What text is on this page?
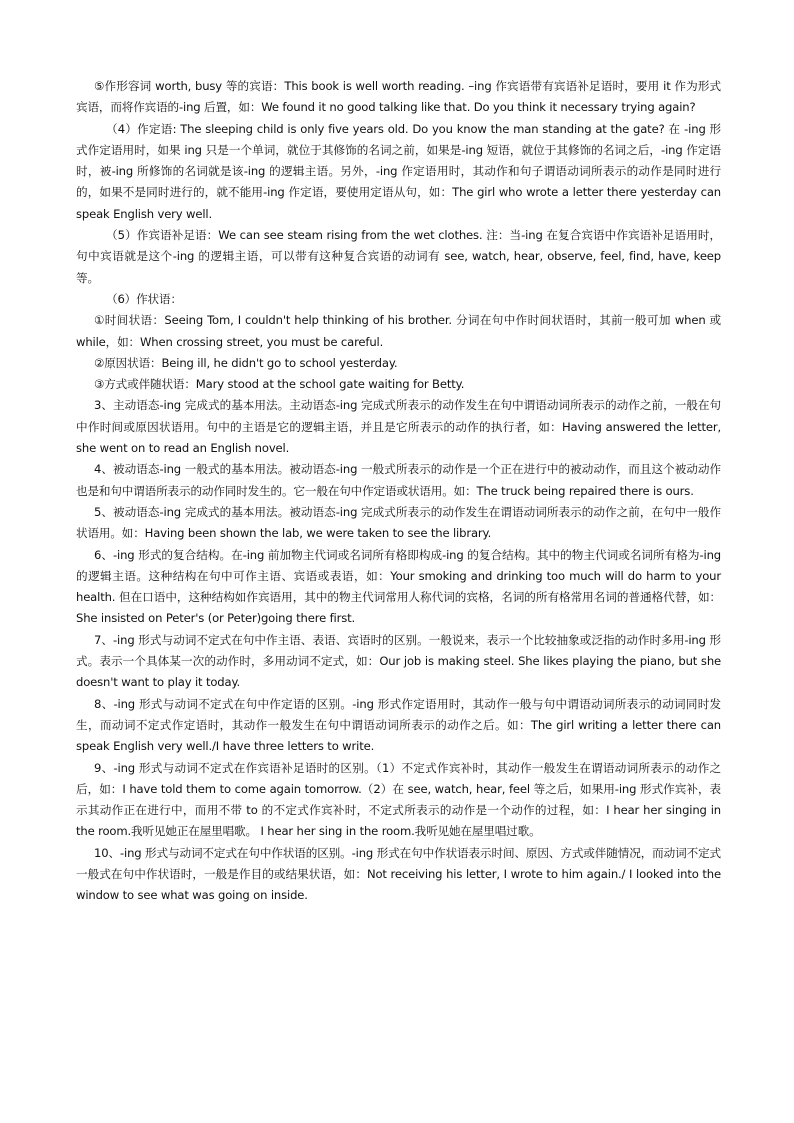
⑤作形容词 worth, busy 等的宾语：This book is well worth reading. –ing 作宾语带有宾语补足语时，要用 it 作为形式宾语，而将作宾语的-ing 后置，如：We found it no good talking like that. Do you think it necessary trying again?

（4）作定语: The sleeping child is only five years old. Do you know the man standing at the gate? 在 -ing 形式作定语用时，如果 ing 只是一个单词，就位于其修饰的名词之前，如果是-ing 短语，就位于其修饰的名词之后，-ing 作定语时，被-ing 所修饰的名词就是该-ing 的逻辑主语。另外，-ing 作定语用时，其动作和句子谓语动词所表示的动作是同时进行的，如果不是同时进行的，就不能用-ing 作定语，要使用定语从句，如：The girl who wrote a letter there yesterday can speak English very well.

（5）作宾语补足语：We can see steam rising from the wet clothes. 注：当-ing 在复合宾语中作宾语补足语用时，句中宾语就是这个-ing 的逻辑主语，可以带有这种复合宾语的动词有 see, watch, hear, observe, feel, find, have, keep 等。

（6）作状语：

①时间状语：Seeing Tom, I couldn't help thinking of his brother. 分词在句中作时间状语时，其前一般可加 when 或 while，如：When crossing street, you must be careful.

②原因状语：Being ill, he didn't go to school yesterday.

③方式或伴随状语：Mary stood at the school gate waiting for Betty.

3、主动语态-ing 完成式的基本用法。主动语态-ing 完成式所表示的动作发生在句中谓语动词所表示的动作之前，一般在句中作时间或原因状语用。句中的主语是它的逻辑主语，并且是它所表示的动作的执行者，如：Having answered the letter, she went on to read an English novel.

4、被动语态-ing 一般式的基本用法。被动语态-ing 一般式所表示的动作是一个正在进行中的被动动作，而且这个被动动作也是和句中谓语所表示的动作同时发生的。它一般在句中作定语或状语用。如：The truck being repaired there is ours.

5、被动语态-ing 完成式的基本用法。被动语态-ing 完成式所表示的动作发生在谓语动词所表示的动作之前，在句中一般作状语用。如：Having been shown the lab, we were taken to see the library.

6、-ing 形式的复合结构。在-ing 前加物主代词或名词所有格即构成-ing 的复合结构。其中的物主代词或名词所有格为-ing 的逻辑主语。这种结构在句中可作主语、宾语或表语，如：Your smoking and drinking too much will do harm to your health. 但在口语中，这种结构如作宾语用，其中的物主代词常用人称代词的宾格，名词的所有格常用名词的普通格代替，如：She insisted on Peter's (or Peter)going there first.

7、-ing 形式与动词不定式在句中作主语、表语、宾语时的区别。一般说来，表示一个比较抽象或泛指的动作时多用-ing 形式。表示一个具体某一次的动作时，多用动词不定式，如：Our job is making steel. She likes playing the piano, but she doesn't want to play it today.

8、-ing 形式与动词不定式在句中作定语的区别。-ing 形式作定语用时，其动作一般与句中谓语动词所表示的动词同时发生，而动词不定式作定语时，其动作一般发生在句中谓语动词所表示的动作之后。如：The girl writing a letter there can speak English very well./I have three letters to write.

9、-ing 形式与动词不定式在作宾语补足语时的区别。（1）不定式作宾补时，其动作一般发生在谓语动词所表示的动作之后，如：I have told them to come again tomorrow.（2）在 see, watch, hear, feel 等之后，如果用-ing 形式作宾补，表示其动作正在进行中，而用不带 to 的不定式作宾补时，不定式所表示的动作是一个动作的过程，如：I hear her singing in the room.我听见她正在屋里唱歌。 I hear her sing in the room.我听见她在屋里唱过歌。

10、-ing 形式与动词不定式在句中作状语的区别。-ing 形式在句中作状语表示时间、原因、方式或伴随情况，而动词不定式一般式在句中作状语时，一般是作目的或结果状语，如：Not receiving his letter, I wrote to him again./ I looked into the window to see what was going on inside.
